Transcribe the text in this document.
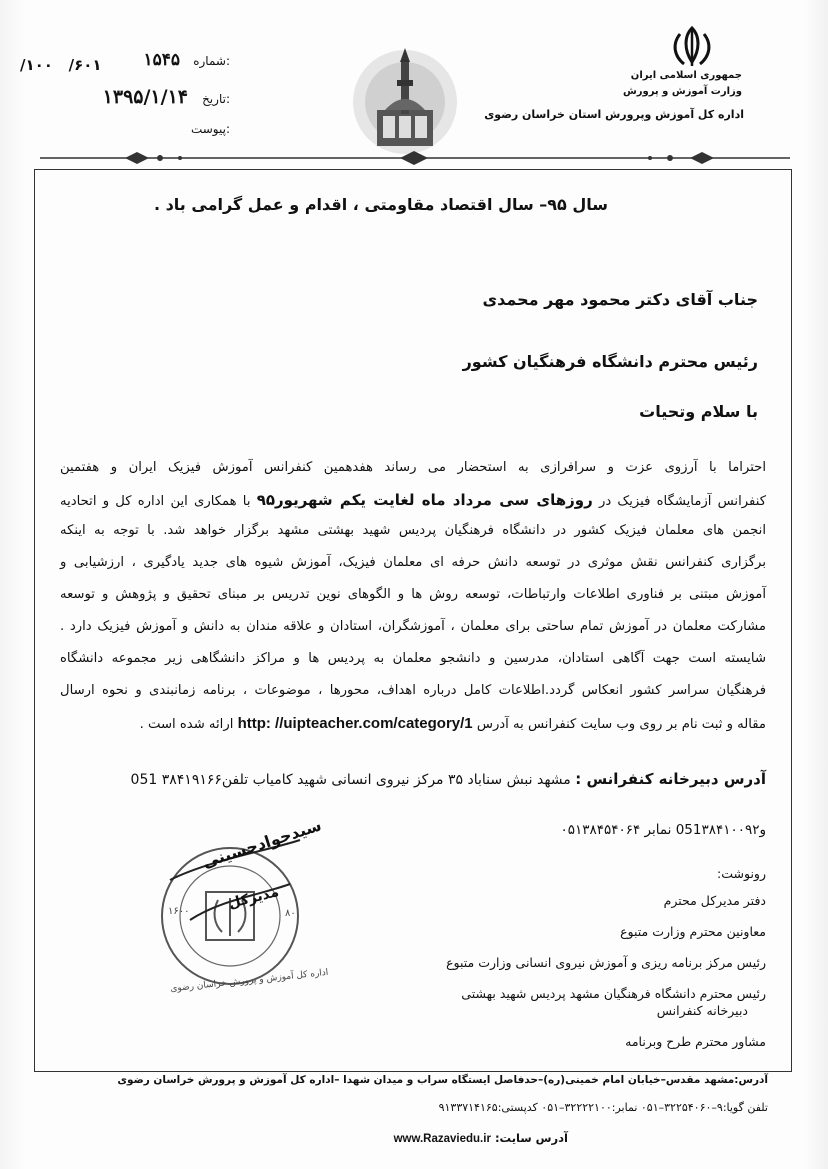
شماره:
۱۵۴۵
۶۰۱/   ۱۰۰/
تاریخ:
۱۳۹۵/۱/۱۴
پیوست:
جمهوری اسلامی ایران
وزارت آموزش و پرورش
اداره کل آموزش وپرورش استان خراسان رضوی
سال ۹۵– سال اقتصاد مقاومتی ، اقدام و عمل گرامی باد .
جناب آقای دکتر محمود مهر محمدی
رئیس محترم دانشگاه فرهنگیان کشور
با سلام وتحیات
احتراما با آرزوی عزت و سرافرازی به استحضار می رساند هفدهمین کنفرانس آموزش فیزیک ایران و هفتمین
کنفرانس آزمایشگاه فیزیک در روزهای سی مرداد ماه لغایت یکم شهریور۹۵ با همکاری این اداره کل و اتحادیه
انجمن های معلمان فیزیک کشور در دانشگاه فرهنگیان پردیس شهید بهشتی مشهد برگزار خواهد شد. با توجه به اینکه
برگزاری کنفرانس نقش موثری در توسعه دانش حرفه ای معلمان فیزیک، آموزش شیوه های جدید یادگیری ، ارزشیابی و
آموزش مبتنی بر فناوری اطلاعات وارتباطات، توسعه روش ها و الگوهای نوین تدریس بر مبنای تحقیق و پژوهش و توسعه
مشارکت معلمان در آموزش تمام ساحتی برای معلمان ، آموزشگران، استادان و علاقه مندان به دانش و آموزش فیزیک دارد .
شایسته است جهت آگاهی استادان، مدرسین و دانشجو معلمان به پردیس ها و مراکز دانشگاهی زیر مجموعه دانشگاه
فرهنگیان سراسر کشور انعکاس گردد.اطلاعات کامل درباره اهداف، محورها ، موضوعات ، برنامه زمانبندی و نحوه ارسال
مقاله و ثبت نام بر روی وب سایت کنفرانس به آدرس http: //uipteacher.com/category/1 ارائه شده است .
آدرس دبیرخانه کنفرانس : مشهد نبش سناباد ۳۵ مرکز نیروی انسانی شهید کامیاب تلفن۳۸۴۱۹۱۶۶ 051
و051۳۸۴۱۰۰۹۲ نمابر ۰۵۱۳۸۴۵۴۰۶۴
رونوشت:
دفتر مدیرکل محترم
معاونین محترم وزارت متبوع
رئیس مرکز برنامه ریزی و آموزش نیروی انسانی وزارت متبوع
رئیس محترم دانشگاه فرهنگیان مشهد پردیس شهید بهشتی
دبیرخانه کنفرانس
مشاور محترم طرح وبرنامه
سیدجوادحسینی
مدیرکل
اداره کل آموزش و پرورش خراسان رضوی
۱۶۰۰	۸۰
آدرس:مشهد مقدس–خیابان امام خمینی(ره)–حدفاصل ایستگاه سراب و میدان شهدا –اداره کل آموزش و پرورش خراسان رضوی
تلفن گویا:۹–۳۲۲۵۴۰۶۰–۰۵۱ نمابر:۳۲۲۲۲۱۰۰–۰۵۱ کدپستی:۹۱۳۳۷۱۴۱۶۵
آدرس سایت: www.Razaviedu.ir
